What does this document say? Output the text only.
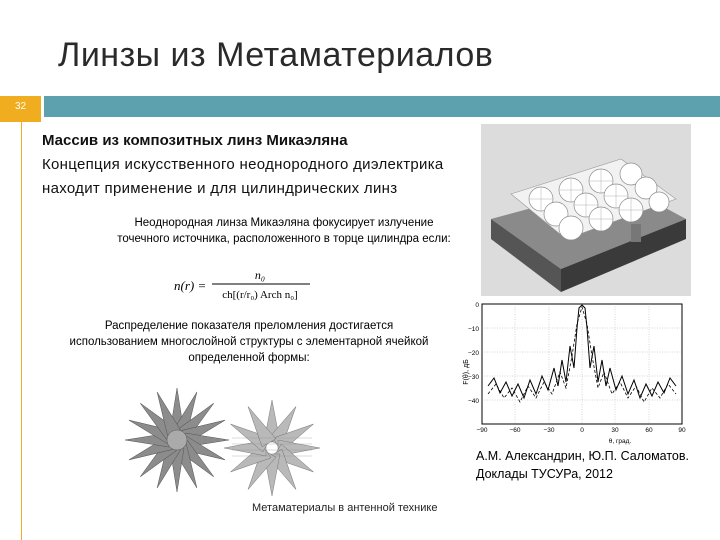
Линзы из Метаматериалов
32
Массив из композитных линз Микаэляна
Концепция искусственного неоднородного диэлектрика
находит применение и для цилиндрических линз
Неоднородная линза Микаэляна фокусирует излучение точечного источника, расположенного в торце цилиндра если:
n(r) =
n₀
ch[(r/r₀) Arch n₀]
Распределение показателя преломления достигается использованием многослойной структуры с элементарной ячейкой определенной формы:
F(θ), дБ
0
−10
−20
−30
−40
−90	−60	−30	0	30	60	90
θ, град.
А.М. Александрин, Ю.П. Саломатов.
Доклады ТУСУРа, 2012
Метаматериалы в антенной технике
